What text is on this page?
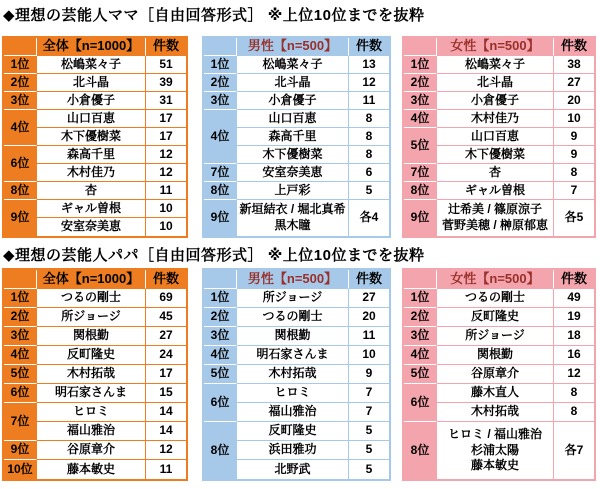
◆理想の芸能人ママ［自由回答形式］ ※上位10位までを抜粋
	全体【n=1000】	件数
1位	松嶋菜々子	51
2位	北斗晶	39
3位	小倉優子	31
4位	山口百恵	17
	木下優樹菜	17
6位	森高千里	12
	木村佳乃	12
8位	杏	11
9位	ギャル曽根	10
	安室奈美恵	10
	男性【n=500】	件数
1位	松嶋菜々子	13
2位	北斗晶	12
3位	小倉優子	11
4位	山口百恵	8
	森高千里	8
	木下優樹菜	8
7位	安室奈美恵	6
8位	上戸彩	5
9位	新垣結衣 / 堀北真希
黒木瞳	各4
	女性【n=500】	件数
1位	松嶋菜々子	38
2位	北斗晶	27
3位	小倉優子	20
4位	木村佳乃	10
5位	山口百恵	9
	木下優樹菜	9
7位	杏	8
8位	ギャル曽根	7
9位	辻希美 / 篠原涼子
菅野美穂 / 榊原郁恵	各5
◆理想の芸能人パパ［自由回答形式］ ※上位10位までを抜粋
	全体【n=1000】	件数
1位	つるの剛士	69
2位	所ジョージ	45
3位	関根勤	27
4位	反町隆史	24
5位	木村拓哉	17
6位	明石家さんま	15
7位	ヒロミ	14
	福山雅治	14
9位	谷原章介	12
10位	藤本敏史	11
	男性【n=500】	件数
1位	所ジョージ	27
2位	つるの剛士	20
3位	関根勤	11
4位	明石家さんま	10
5位	木村拓哉	9
6位	ヒロミ	7
	福山雅治	7
8位	反町隆史	5
	浜田雅功	5
	北野武	5
	女性【n=500】	件数
1位	つるの剛士	49
2位	反町隆史	19
3位	所ジョージ	18
4位	関根勤	16
5位	谷原章介	12
6位	藤木直人	8
	木村拓哉	8
8位	ヒロミ / 福山雅治
杉浦太陽
藤本敏史	各7
